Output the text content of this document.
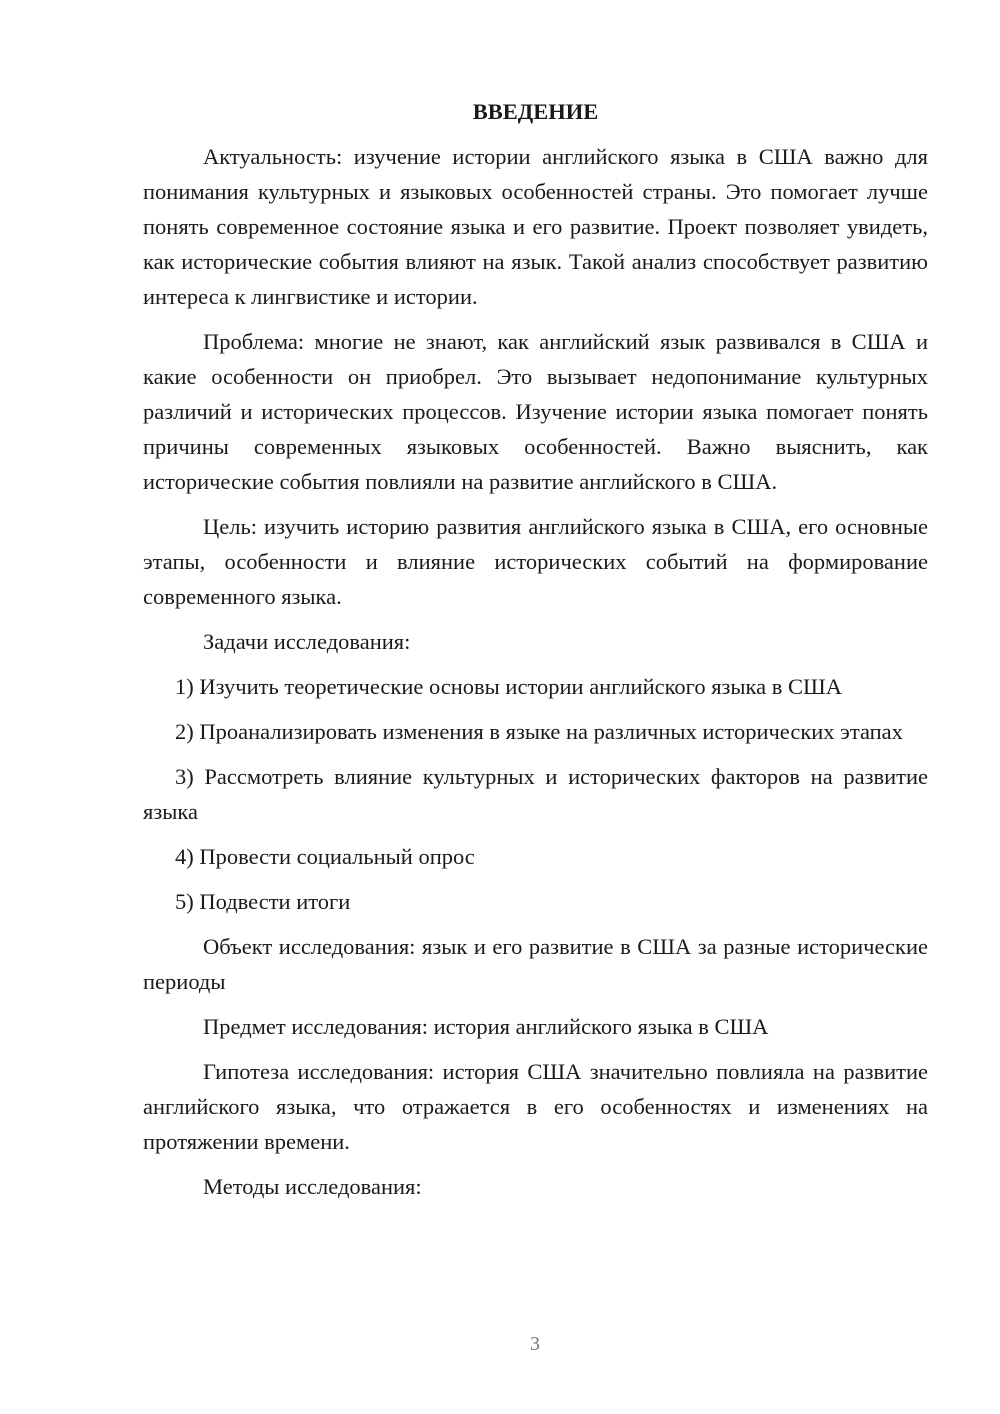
ВВЕДЕНИЕ
Актуальность: изучение истории английского языка в США важно для понимания культурных и языковых особенностей страны. Это помогает лучше понять современное состояние языка и его развитие. Проект позволяет увидеть, как исторические события влияют на язык. Такой анализ способствует развитию интереса к лингвистике и истории.
Проблема: многие не знают, как английский язык развивался в США и какие особенности он приобрел. Это вызывает недопонимание культурных различий и исторических процессов. Изучение истории языка помогает понять причины современных языковых особенностей. Важно выяснить, как исторические события повлияли на развитие английского в США.
Цель: изучить историю развития английского языка в США, его основные этапы, особенности и влияние исторических событий на формирование современного языка.
Задачи исследования:
1) Изучить теоретические основы истории английского языка в США
2) Проанализировать изменения в языке на различных исторических этапах
3) Рассмотреть влияние культурных и исторических факторов на развитие языка
4) Провести социальный опрос
5) Подвести итоги
Объект исследования: язык и его развитие в США за разные исторические периоды
Предмет исследования: история английского языка в США
Гипотеза исследования: история США значительно повлияла на развитие английского языка, что отражается в его особенностях и изменениях на протяжении времени.
Методы исследования:
3
